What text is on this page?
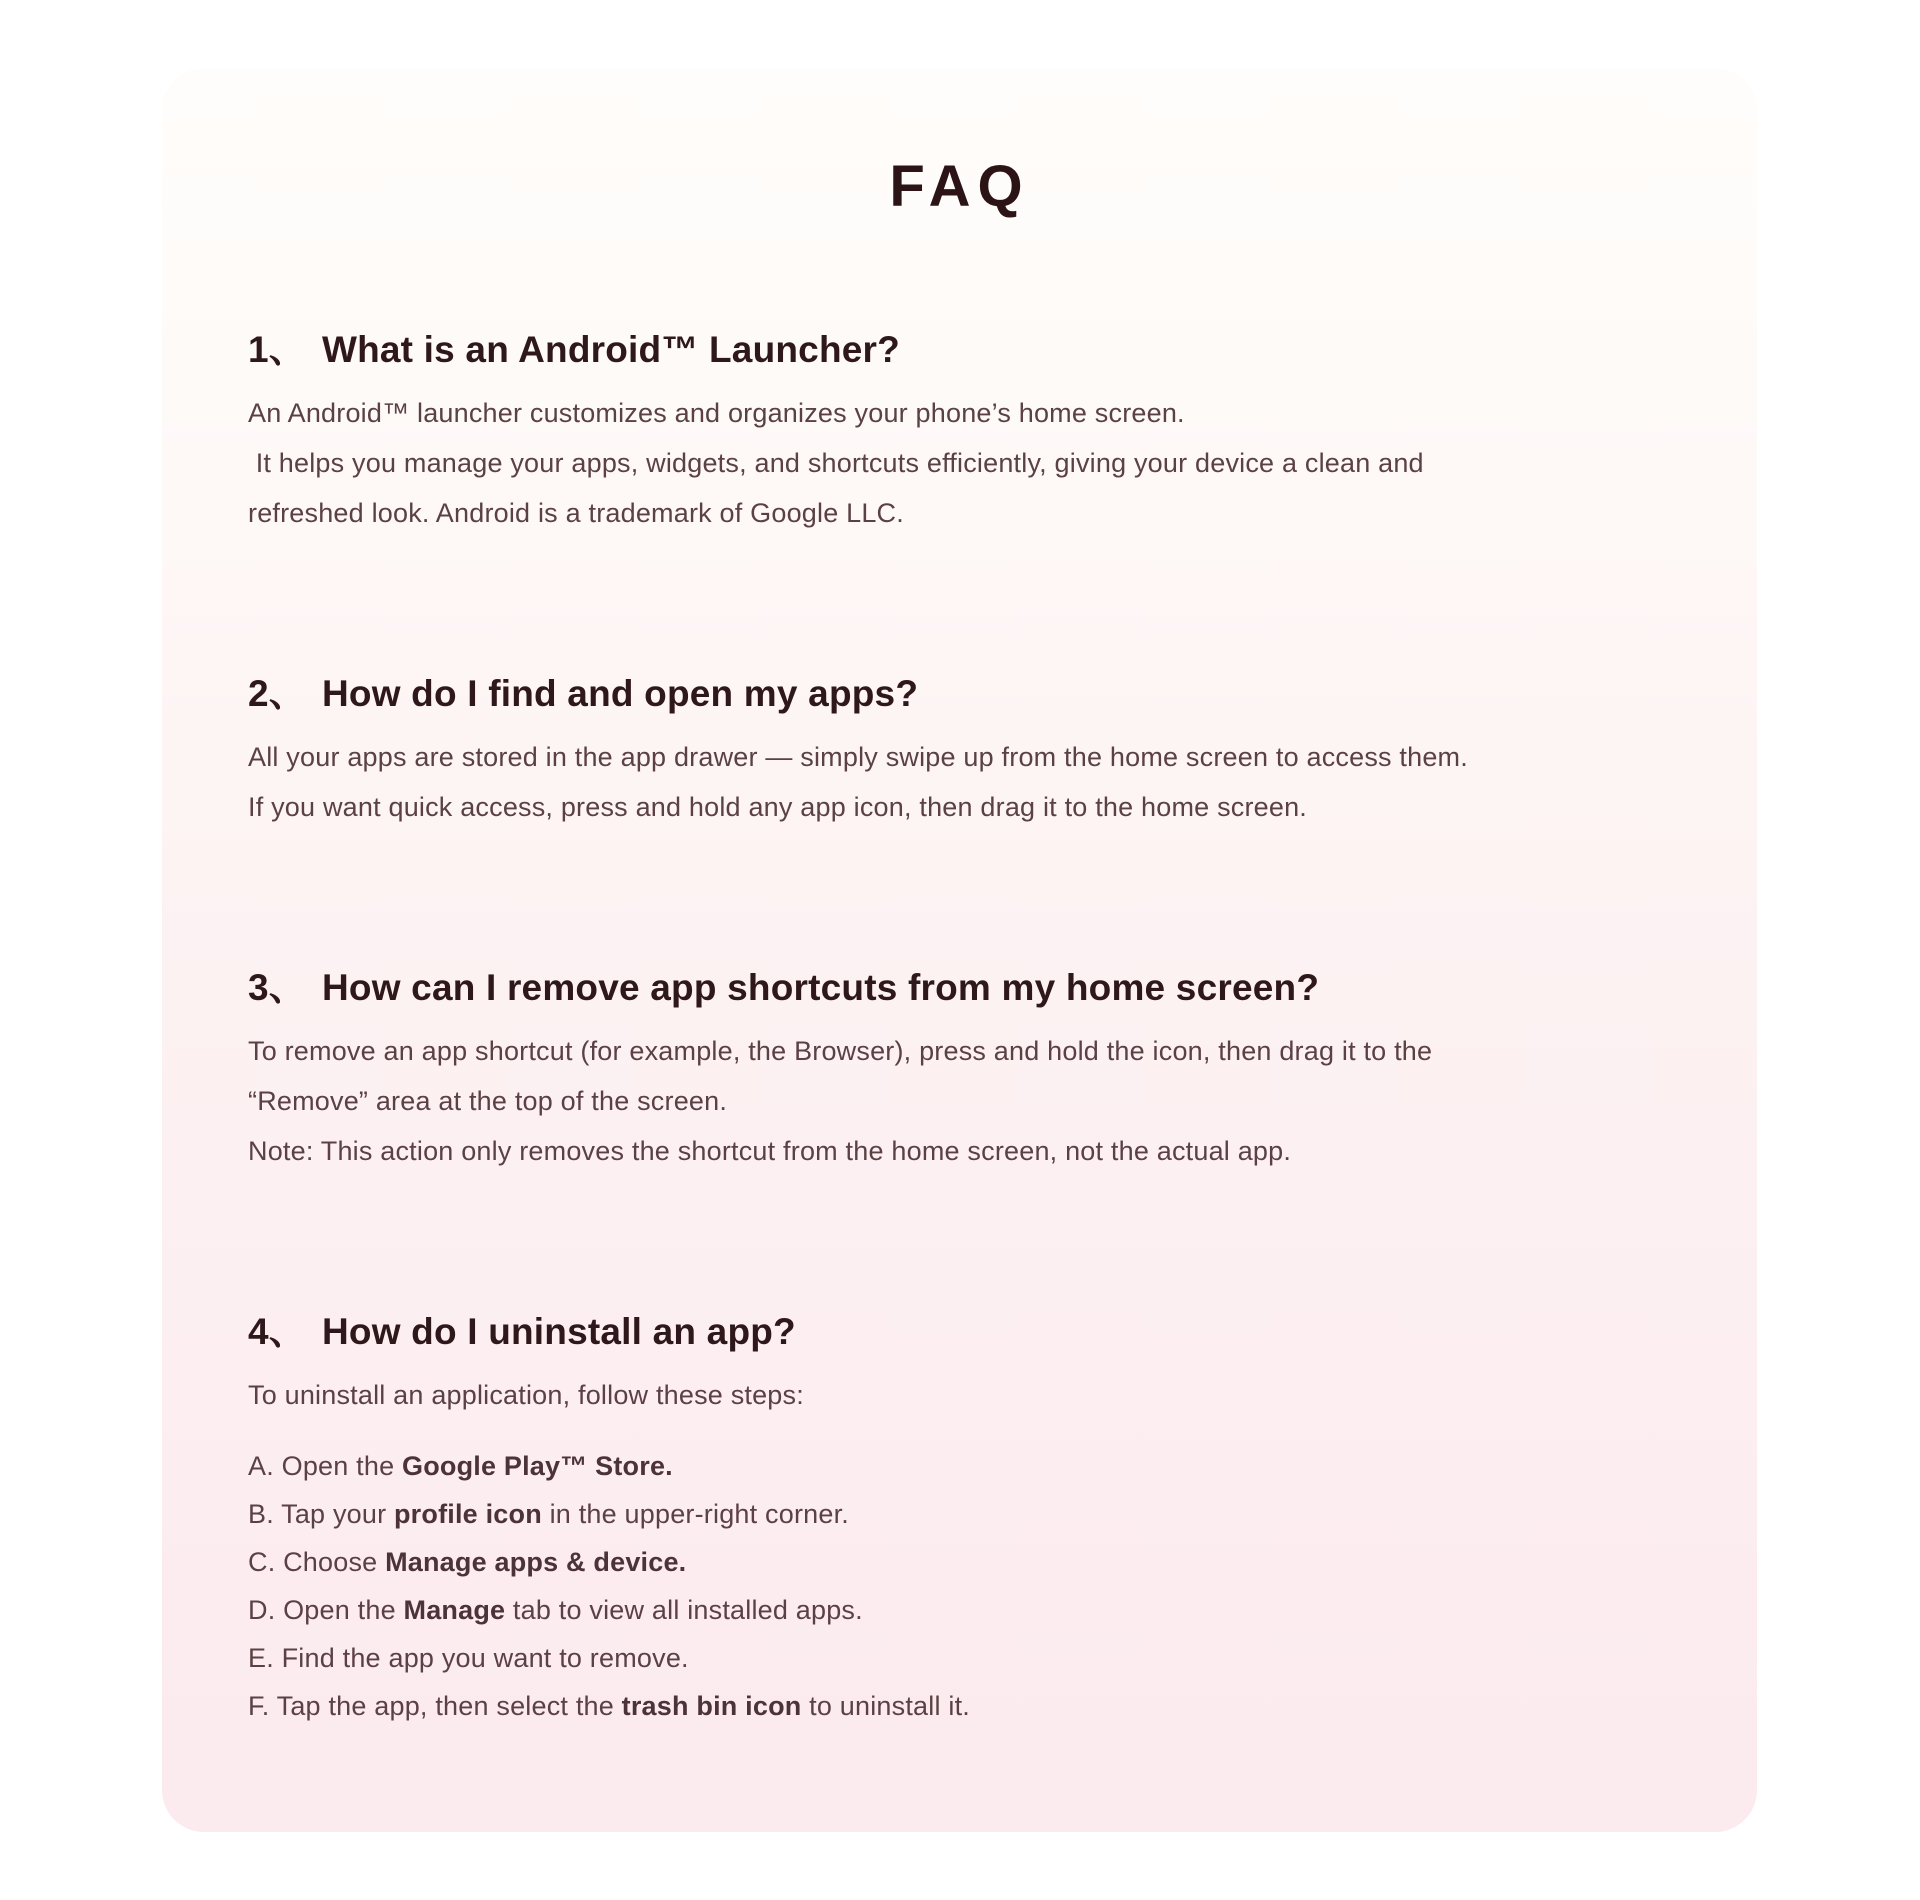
FAQ
1、 What is an Android™ Launcher?
An Android™ launcher customizes and organizes your phone’s home screen.
It helps you manage your apps, widgets, and shortcuts efficiently, giving your device a clean and
refreshed look. Android is a trademark of Google LLC.
2、 How do I find and open my apps?
All your apps are stored in the app drawer — simply swipe up from the home screen to access them.
If you want quick access, press and hold any app icon, then drag it to the home screen.
3、 How can I remove app shortcuts from my home screen?
To remove an app shortcut (for example, the Browser), press and hold the icon, then drag it to the
“Remove” area at the top of the screen.
Note: This action only removes the shortcut from the home screen, not the actual app.
4、 How do I uninstall an app?
To uninstall an application, follow these steps:
A. Open the Google Play™ Store.
B. Tap your profile icon in the upper-right corner.
C. Choose Manage apps & device.
D. Open the Manage tab to view all installed apps.
E. Find the app you want to remove.
F. Tap the app, then select the trash bin icon to uninstall it.
